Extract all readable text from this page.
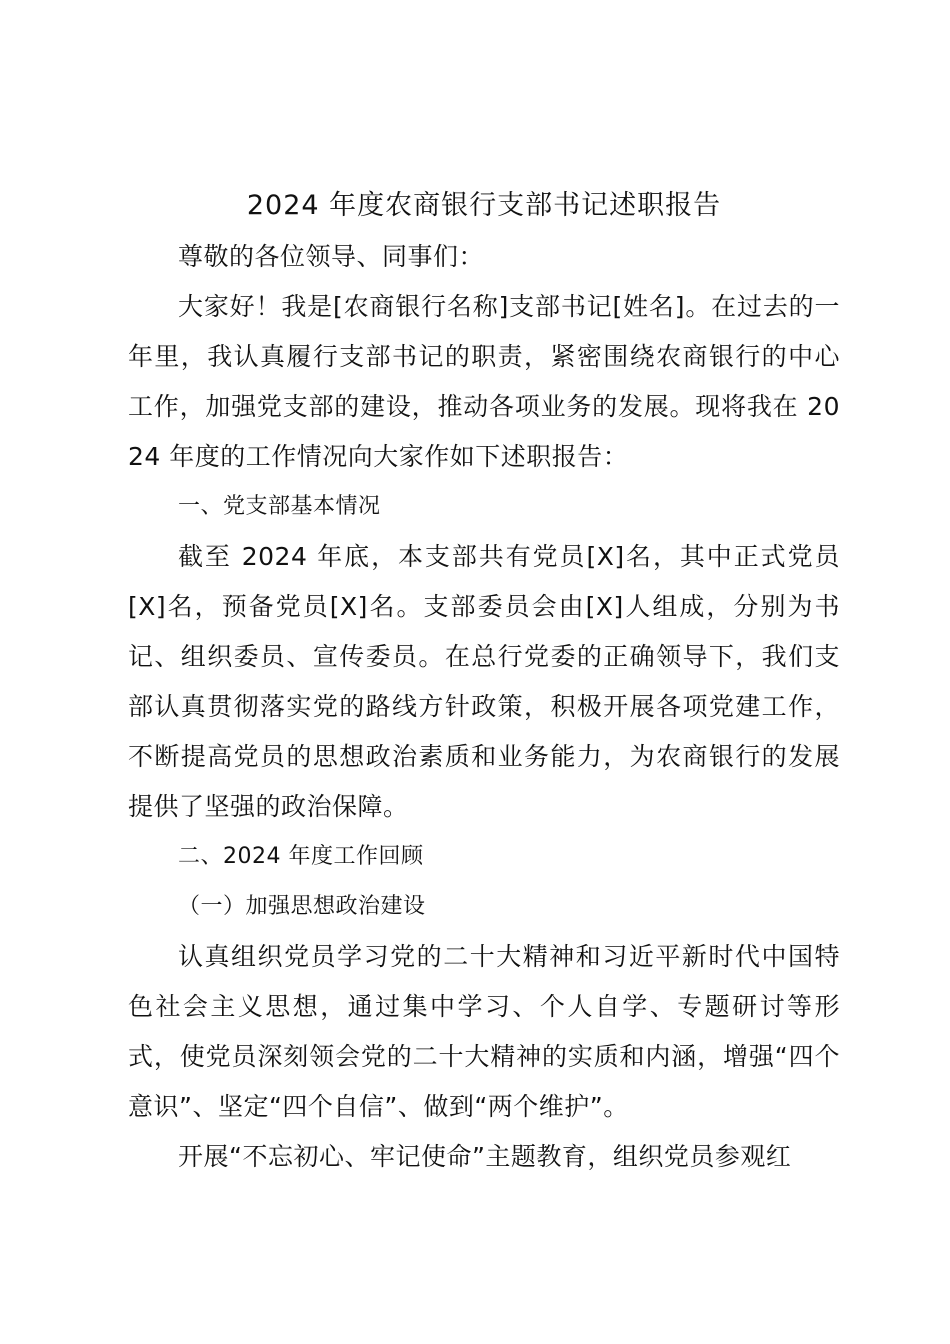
2024 年度农商银行支部书记述职报告

尊敬的各位领导、同事们：

大家好！我是[农商银行名称]支部书记[姓名]。在过去的一年里，我认真履行支部书记的职责，紧密围绕农商银行的中心工作，加强党支部的建设，推动各项业务的发展。现将我在 2024 年度的工作情况向大家作如下述职报告：

一、党支部基本情况

截至 2024 年底，本支部共有党员[X]名，其中正式党员[X]名，预备党员[X]名。支部委员会由[X]人组成，分别为书记、组织委员、宣传委员。在总行党委的正确领导下，我们支部认真贯彻落实党的路线方针政策，积极开展各项党建工作，不断提高党员的思想政治素质和业务能力，为农商银行的发展提供了坚强的政治保障。

二、2024 年度工作回顾

（一）加强思想政治建设

认真组织党员学习党的二十大精神和习近平新时代中国特色社会主义思想，通过集中学习、个人自学、专题研讨等形式，使党员深刻领会党的二十大精神的实质和内涵，增强“四个意识”、坚定“四个自信”、做到“两个维护”。

开展“不忘初心、牢记使命”主题教育，组织党员参观红
